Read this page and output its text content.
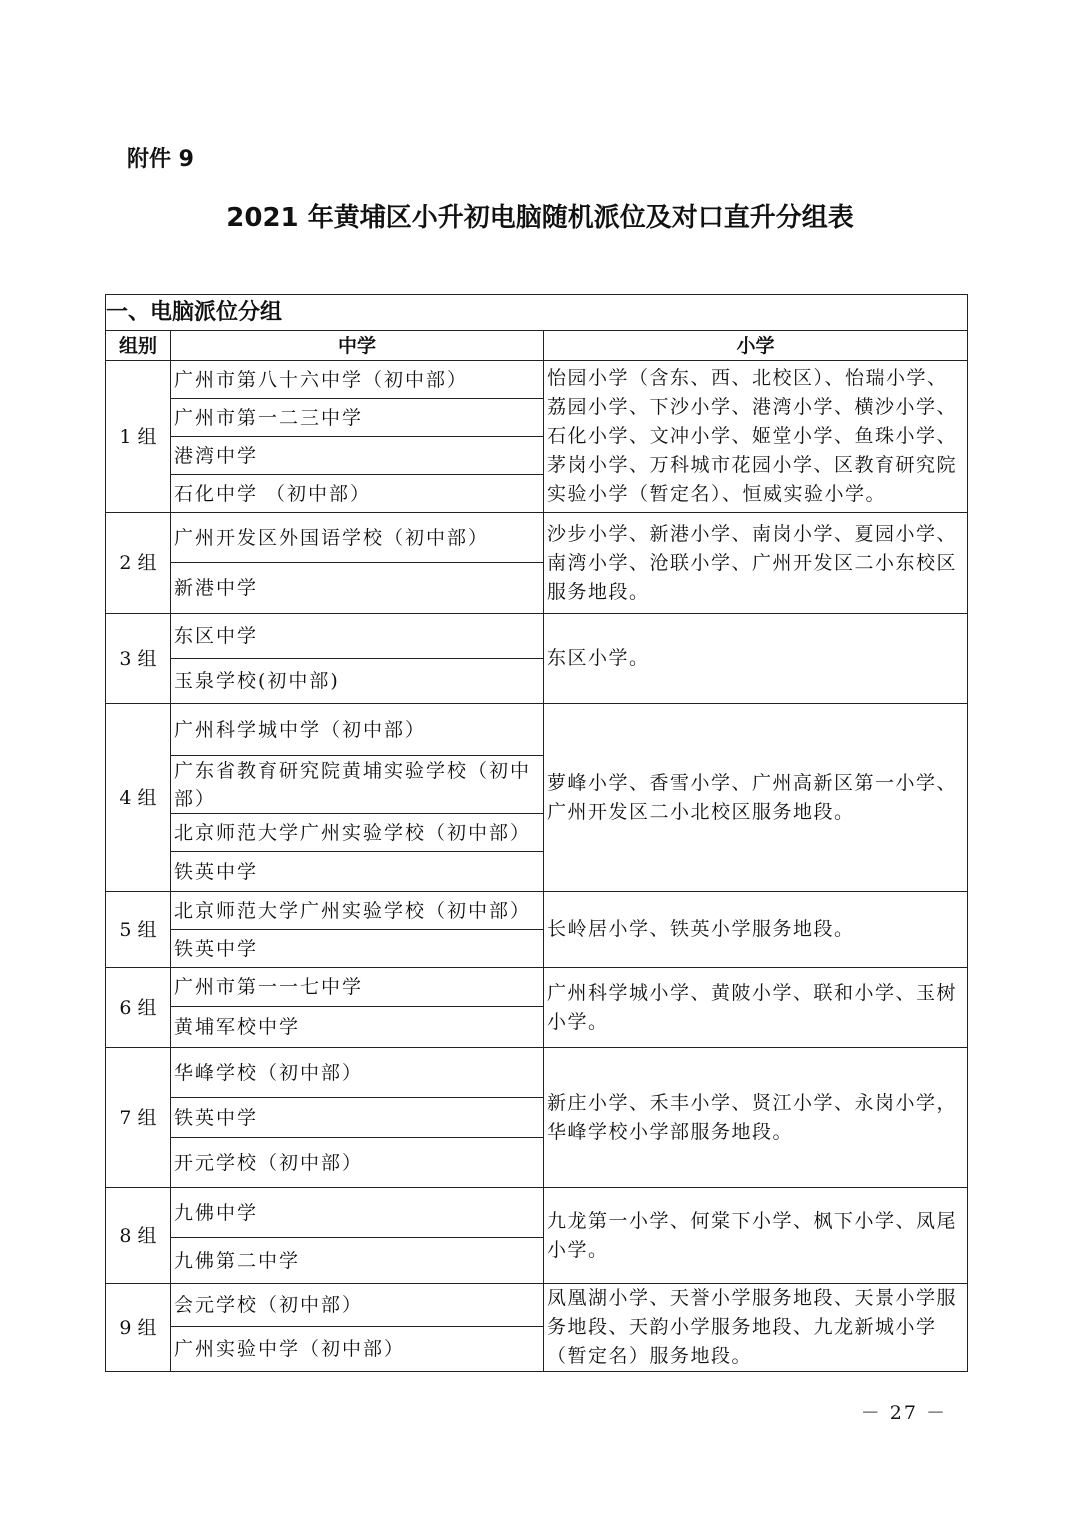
附件 9
2021 年黄埔区小升初电脑随机派位及对口直升分组表
一、电脑派位分组		
组别	中学	小学
1 组	广州市第八十六中学（初中部）	怡园小学（含东、西、北校区）、怡瑞小学、荔园小学、下沙小学、港湾小学、横沙小学、石化小学、文冲小学、姬堂小学、鱼珠小学、茅岗小学、万科城市花园小学、区教育研究院实验小学（暂定名）、恒威实验小学。
	广州市第一二三中学	
	港湾中学	
	石化中学 （初中部）	
2 组	广州开发区外国语学校（初中部）	沙步小学、新港小学、南岗小学、夏园小学、南湾小学、沧联小学、广州开发区二小东校区服务地段。
	新港中学	
3 组	东区中学	东区小学。
	玉泉学校(初中部)	
4 组	广州科学城中学（初中部）	萝峰小学、香雪小学、广州高新区第一小学、广州开发区二小北校区服务地段。
	广东省教育研究院黄埔实验学校（初中部）	
	北京师范大学广州实验学校（初中部）	
	铁英中学	
5 组	北京师范大学广州实验学校（初中部）	长岭居小学、铁英小学服务地段。
	铁英中学	
6 组	广州市第一一七中学	广州科学城小学、黄陂小学、联和小学、玉树小学。
	黄埔军校中学	
7 组	华峰学校（初中部）	新庄小学、禾丰小学、贤江小学、永岗小学，华峰学校小学部服务地段。
	铁英中学	
	开元学校（初中部）	
8 组	九佛中学	九龙第一小学、何棠下小学、枫下小学、凤尾小学。
	九佛第二中学	
9 组	会元学校（初中部）	凤凰湖小学、天誉小学服务地段、天景小学服务地段、天韵小学服务地段、九龙新城小学（暂定名）服务地段。
	广州实验中学（初中部）	
－ 27 －
